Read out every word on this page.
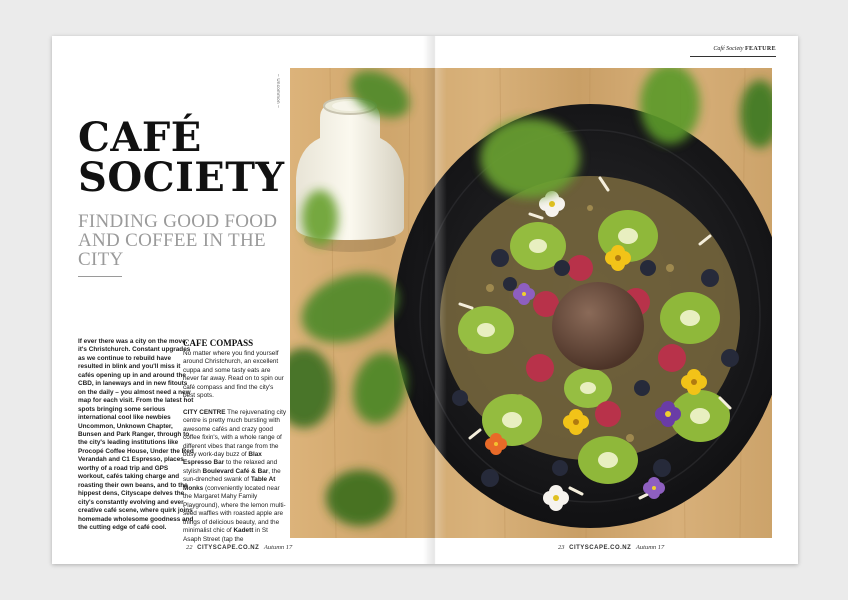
– Uncommon –
CAFÉ
SOCIETY
FINDING GOOD FOOD AND COFFEE IN THE CITY
If ever there was a city on the move, it's Christchurch. Constant upgrades as we continue to rebuild have resulted in blink and you'll miss it cafés opening up in and around the CBD, in laneways and in new fitouts on the daily – you almost need a new map for each visit. From the latest hot spots bringing some serious international cool like newbies Uncommon, Unknown Chapter, Bunsen and Park Ranger, through to the city's leading institutions like Procopé Coffee House, Under the Red Verandah and C1 Espresso, places worthy of a road trip and GPS workout, cafés taking charge and roasting their own beans, and to the hippest dens, Cityscape delves the city's constantly evolving and ever creative café scene, where quirk joins homemade wholesome goodness and the cutting edge of café cool.
CAFE COMPASS

No matter where you find yourself around Christchurch, an excellent cuppa and some tasty eats are never far away. Read on to spin our café compass and find the city's best spots.

CITY CENTRE The rejuvenating city centre is pretty much bursting with awesome cafés and crazy good coffee fixin's, with a whole range of different vibes that range from the busy work-day buzz of Blax Espresso Bar to the relaxed and stylish Boulevard Café & Bar, the sun-drenched swank of Table At Monks (conveniently located near the Margaret Mahy Family Playground), where the lemon multi-seed waffles with roasted apple are things of delicious beauty, and the minimalist chic of Kadett in St Asaph Street (tap the

22 CITYSCAPE.CO.NZ Autumn 17
Café Society FEATURE
23 CITYSCAPE.CO.NZ Autumn 17
